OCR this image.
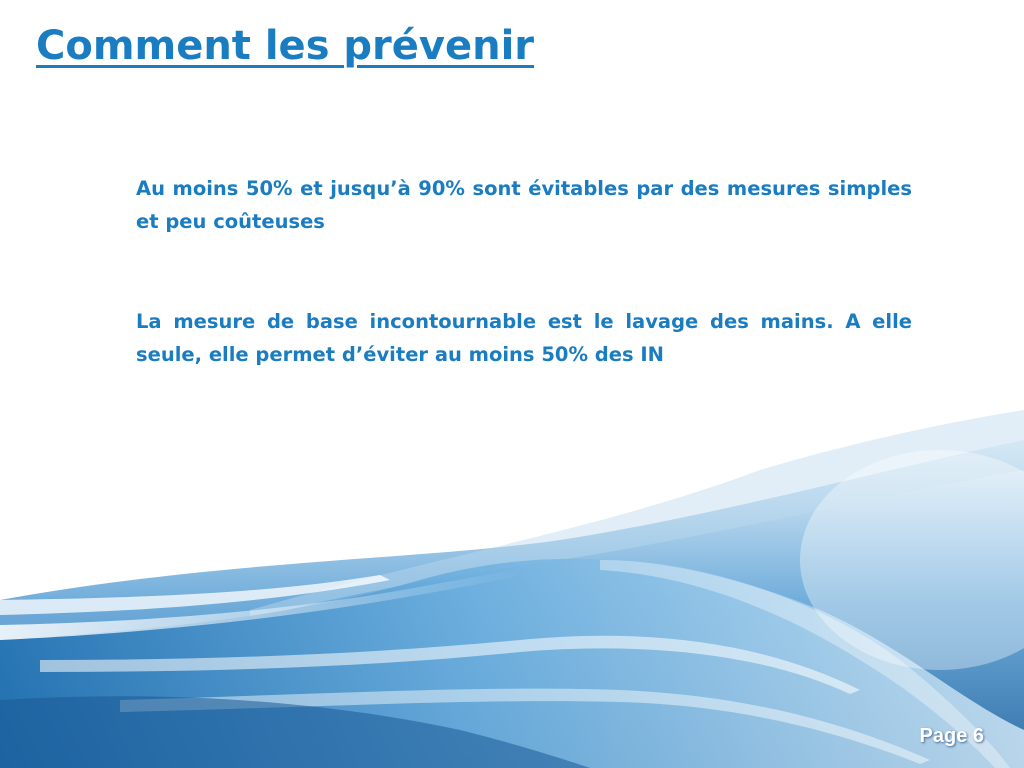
Comment les prévenir

Au moins 50% et jusqu’à 90% sont évitables par des mesures simples et peu coûteuses

La mesure de base incontournable est le lavage des mains. A elle seule, elle permet d’éviter au moins 50% des IN

Page 6
